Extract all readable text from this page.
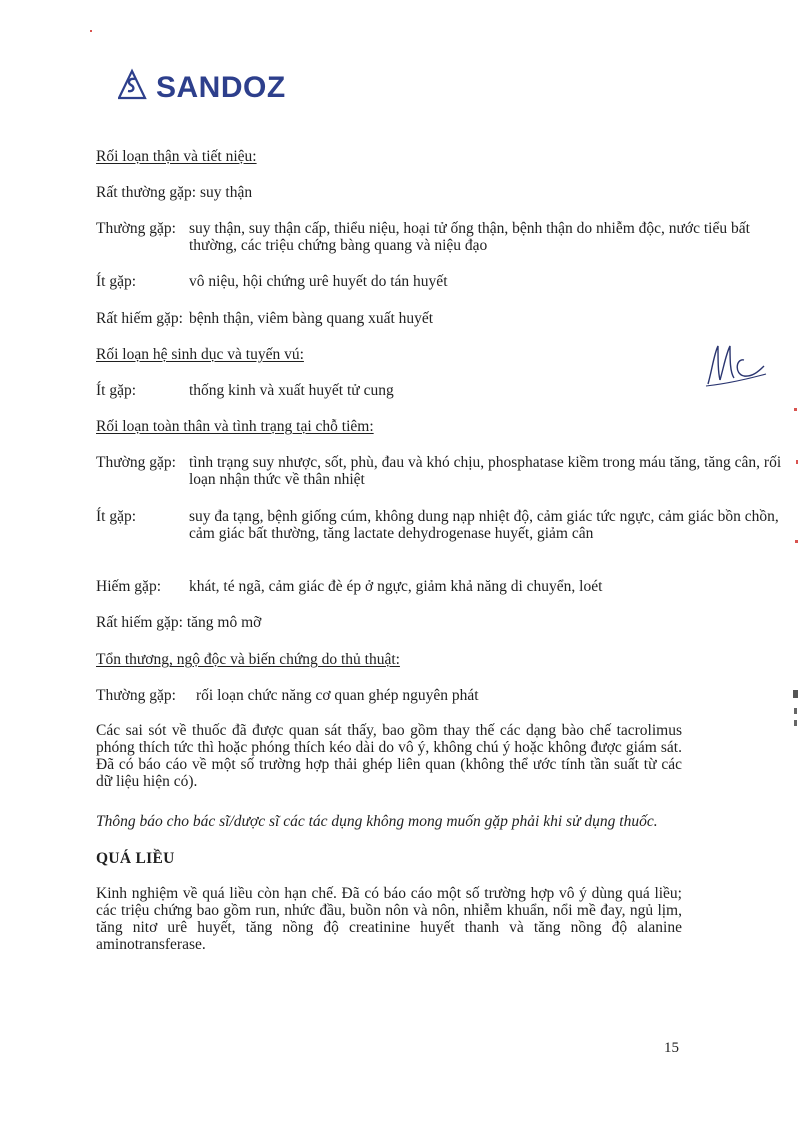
SANDOZ
Rối loạn thận và tiết niệu:
Rất thường gặp: suy thận
Thường gặp: suy thận, suy thận cấp, thiểu niệu, hoại tử ống thận, bệnh thận do nhiễm độc, nước tiểu bất thường, các triệu chứng bàng quang và niệu đạo
Ít gặp:	vô niệu, hội chứng urê huyết do tán huyết
Rất hiếm gặp: bệnh thận, viêm bàng quang xuất huyết
Rối loạn hệ sinh dục và tuyến vú:
Ít gặp:	thống kinh và xuất huyết tử cung
Rối loạn toàn thân và tình trạng tại chỗ tiêm:
Thường gặp: tình trạng suy nhược, sốt, phù, đau và khó chịu, phosphatase kiềm trong máu tăng, tăng cân, rối loạn nhận thức về thân nhiệt
Ít gặp:	suy đa tạng, bệnh giống cúm, không dung nạp nhiệt độ, cảm giác tức ngực, cảm giác bồn chồn, cảm giác bất thường, tăng lactate dehydrogenase huyết, giảm cân
Hiếm gặp: khát, té ngã, cảm giác đè ép ở ngực, giảm khả năng di chuyển, loét
Rất hiếm gặp: tăng mô mỡ
Tổn thương, ngộ độc và biến chứng do thủ thuật:
Thường gặp: rối loạn chức năng cơ quan ghép nguyên phát
Các sai sót về thuốc đã được quan sát thấy, bao gồm thay thế các dạng bào chế tacrolimus phóng thích tức thì hoặc phóng thích kéo dài do vô ý, không chú ý hoặc không được giám sát. Đã có báo cáo về một số trường hợp thải ghép liên quan (không thể ước tính tần suất từ các dữ liệu hiện có).
Thông báo cho bác sĩ/dược sĩ các tác dụng không mong muốn gặp phải khi sử dụng thuốc.
QUÁ LIỀU
Kinh nghiệm về quá liều còn hạn chế. Đã có báo cáo một số trường hợp vô ý dùng quá liều; các triệu chứng bao gồm run, nhức đầu, buồn nôn và nôn, nhiễm khuẩn, nổi mề đay, ngủ lịm, tăng nitơ urê huyết, tăng nồng độ creatinine huyết thanh và tăng nồng độ alanine aminotransferase.
15
